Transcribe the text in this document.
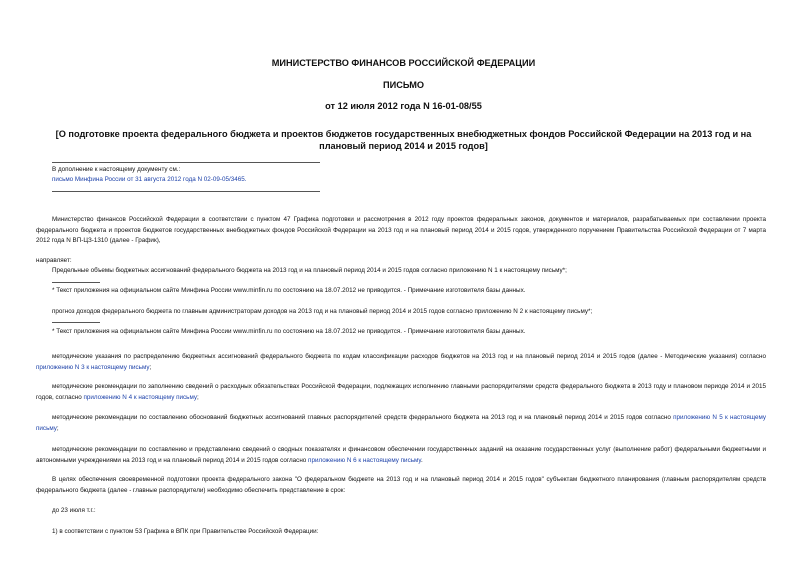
МИНИСТЕРСТВО ФИНАНСОВ РОССИЙСКОЙ ФЕДЕРАЦИИ
ПИСЬМО
от 12 июля 2012 года N 16-01-08/55
[О подготовке проекта федерального бюджета и проектов бюджетов государственных внебюджетных фондов Российской Федерации на 2013 год и на плановый период 2014 и 2015 годов]
В дополнение к настоящему документу см.:
письмо Минфина России от 31 августа 2012 года N 02-09-05/3465.
Министерство финансов Российской Федерации в соответствии с пунктом 47 Графика подготовки и рассмотрения в 2012 году проектов федеральных законов, документов и материалов, разрабатываемых при составлении проекта федерального бюджета и проектов бюджетов государственных внебюджетных фондов Российской Федерации на 2013 год и на плановый период 2014 и 2015 годов, утвержденного поручением Правительства Российской Федерации от 7 марта 2012 года N ВП-ЦЗ-1310 (далее - График),
направляет:
Предельные объемы бюджетных ассигнований федерального бюджета на 2013 год и на плановый период 2014 и 2015 годов согласно приложению N 1 к настоящему письму*;
* Текст приложения на официальном сайте Минфина России www.minfin.ru по состоянию на 18.07.2012 не приводится. - Примечание изготовителя базы данных.
прогноз доходов федерального бюджета по главным администраторам доходов на 2013 год и на плановый период 2014 и 2015 годов согласно приложению N 2 к настоящему письму*;
* Текст приложения на официальном сайте Минфина России www.minfin.ru по состоянию на 18.07.2012 не приводится. - Примечание изготовителя базы данных.
методические указания по распределению бюджетных ассигнований федерального бюджета по кодам классификации расходов бюджетов на 2013 год и на плановый период 2014 и 2015 годов (далее - Методические указания) согласно приложению N 3 к настоящему письму;
методические рекомендации по заполнению сведений о расходных обязательствах Российской Федерации, подлежащих исполнению главными распорядителями средств федерального бюджета в 2013 году и плановом периоде 2014 и 2015 годов, согласно приложению N 4 к настоящему письму;
методические рекомендации по составлению обоснований бюджетных ассигнований главных распорядителей средств федерального бюджета на 2013 год и на плановый период 2014 и 2015 годов согласно приложению N 5 к настоящему письму;
методические рекомендации по составлению и представлению сведений о сводных показателях и финансовом обеспечении государственных заданий на оказание государственных услуг (выполнение работ) федеральными бюджетными и автономными учреждениями на 2013 год и на плановый период 2014 и 2015 годов согласно приложению N 6 к настоящему письму.
В целях обеспечения своевременной подготовки проекта федерального закона "О федеральном бюджете на 2013 год и на плановый период 2014 и 2015 годов" субъектам бюджетного планирования (главным распорядителям средств федерального бюджета (далее - главные распорядители) необходимо обеспечить представление в срок:
до 23 июля т.г.:
1) в соответствии с пунктом 53 Графика в ВПК при Правительстве Российской Федерации:
